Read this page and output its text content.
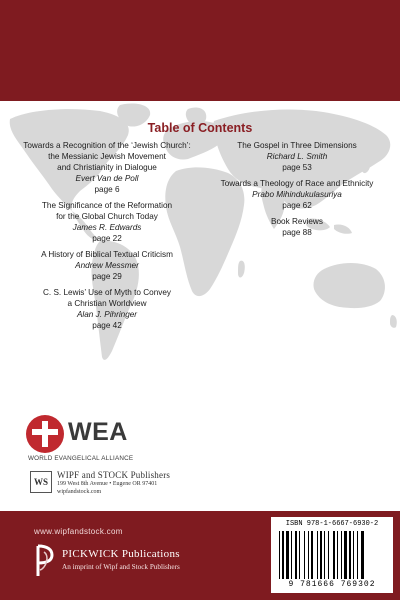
Table of Contents
Towards a Recognition of the ‘Jewish Church’:
the Messianic Jewish Movement
and Christianity in Dialogue
Evert Van de Poll
page 6
The Significance of the Reformation
for the Global Church Today
James R. Edwards
page 22
A History of Biblical Textual Criticism
Andrew Messmer
page 29
C. S. Lewis’ Use of Myth to Convey
a Christian Worldview
Alan J. Pihringer
page 42
The Gospel in Three Dimensions
Richard L. Smith
page 53
Towards a Theology of Race and Ethnicity
Prabo Mihindukulasuriya
page 62
Book Reviews
page 88
WEA
WORLD EVANGELICAL ALLIANCE
WS
WIPF and STOCK Publishers
199 West 8th Avenue • Eugene OR 97401
wipfandstock.com
www.wipfandstock.com
PICKWICK Publications
An imprint of Wipf and Stock Publishers
ISBN 978-1-6667-6930-2
9 781666 769302
